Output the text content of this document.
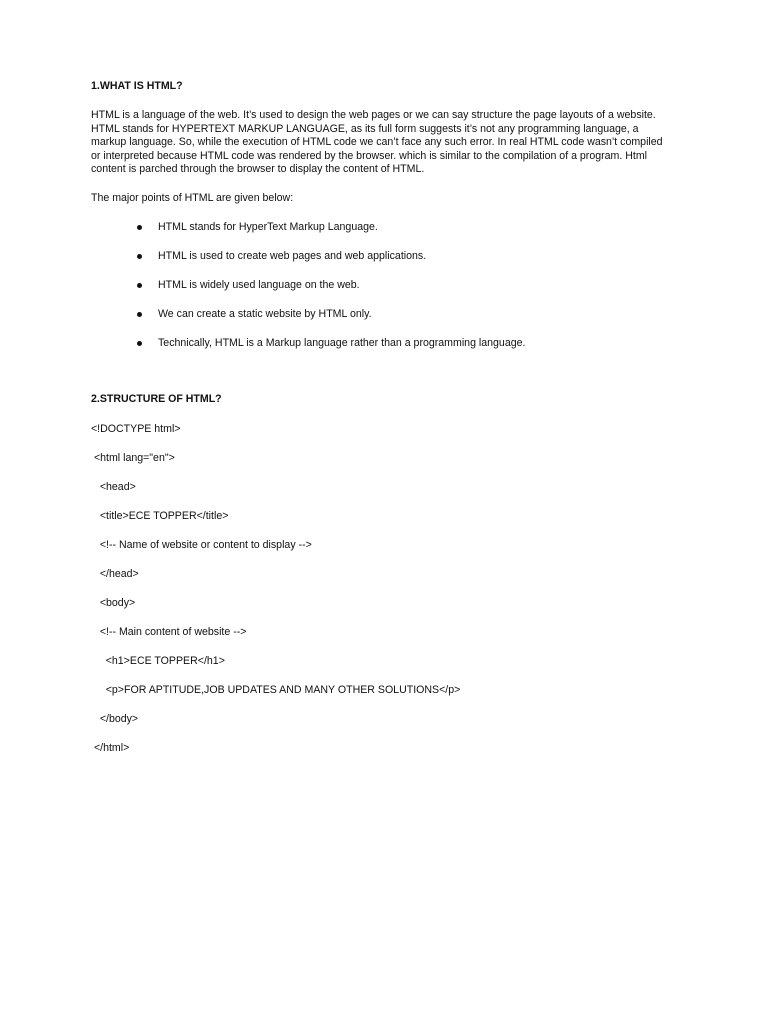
1.WHAT IS HTML?
HTML is a language of the web. It’s used to design the web pages or we can say structure the page layouts of a website. HTML stands for HYPERTEXT MARKUP LANGUAGE, as its full form suggests it’s not any programming language, a markup language. So, while the execution of HTML code we can’t face any such error. In real HTML code wasn’t compiled or interpreted because HTML code was rendered by the browser. which is similar to the compilation of a program. Html content is parched through the browser to display the content of HTML.
The major points of HTML are given below:
HTML stands for HyperText Markup Language.
HTML is used to create web pages and web applications.
HTML is widely used language on the web.
We can create a static website by HTML only.
Technically, HTML is a Markup language rather than a programming language.
2.STRUCTURE OF HTML?
<!DOCTYPE html>
<html lang="en">
<head>
<title>ECE TOPPER</title>
<!-- Name of website or content to display -->
</head>
<body>
<!-- Main content of website -->
<h1>ECE TOPPER</h1>
<p>FOR APTITUDE,JOB UPDATES AND MANY OTHER SOLUTIONS</p>
</body>
</html>
